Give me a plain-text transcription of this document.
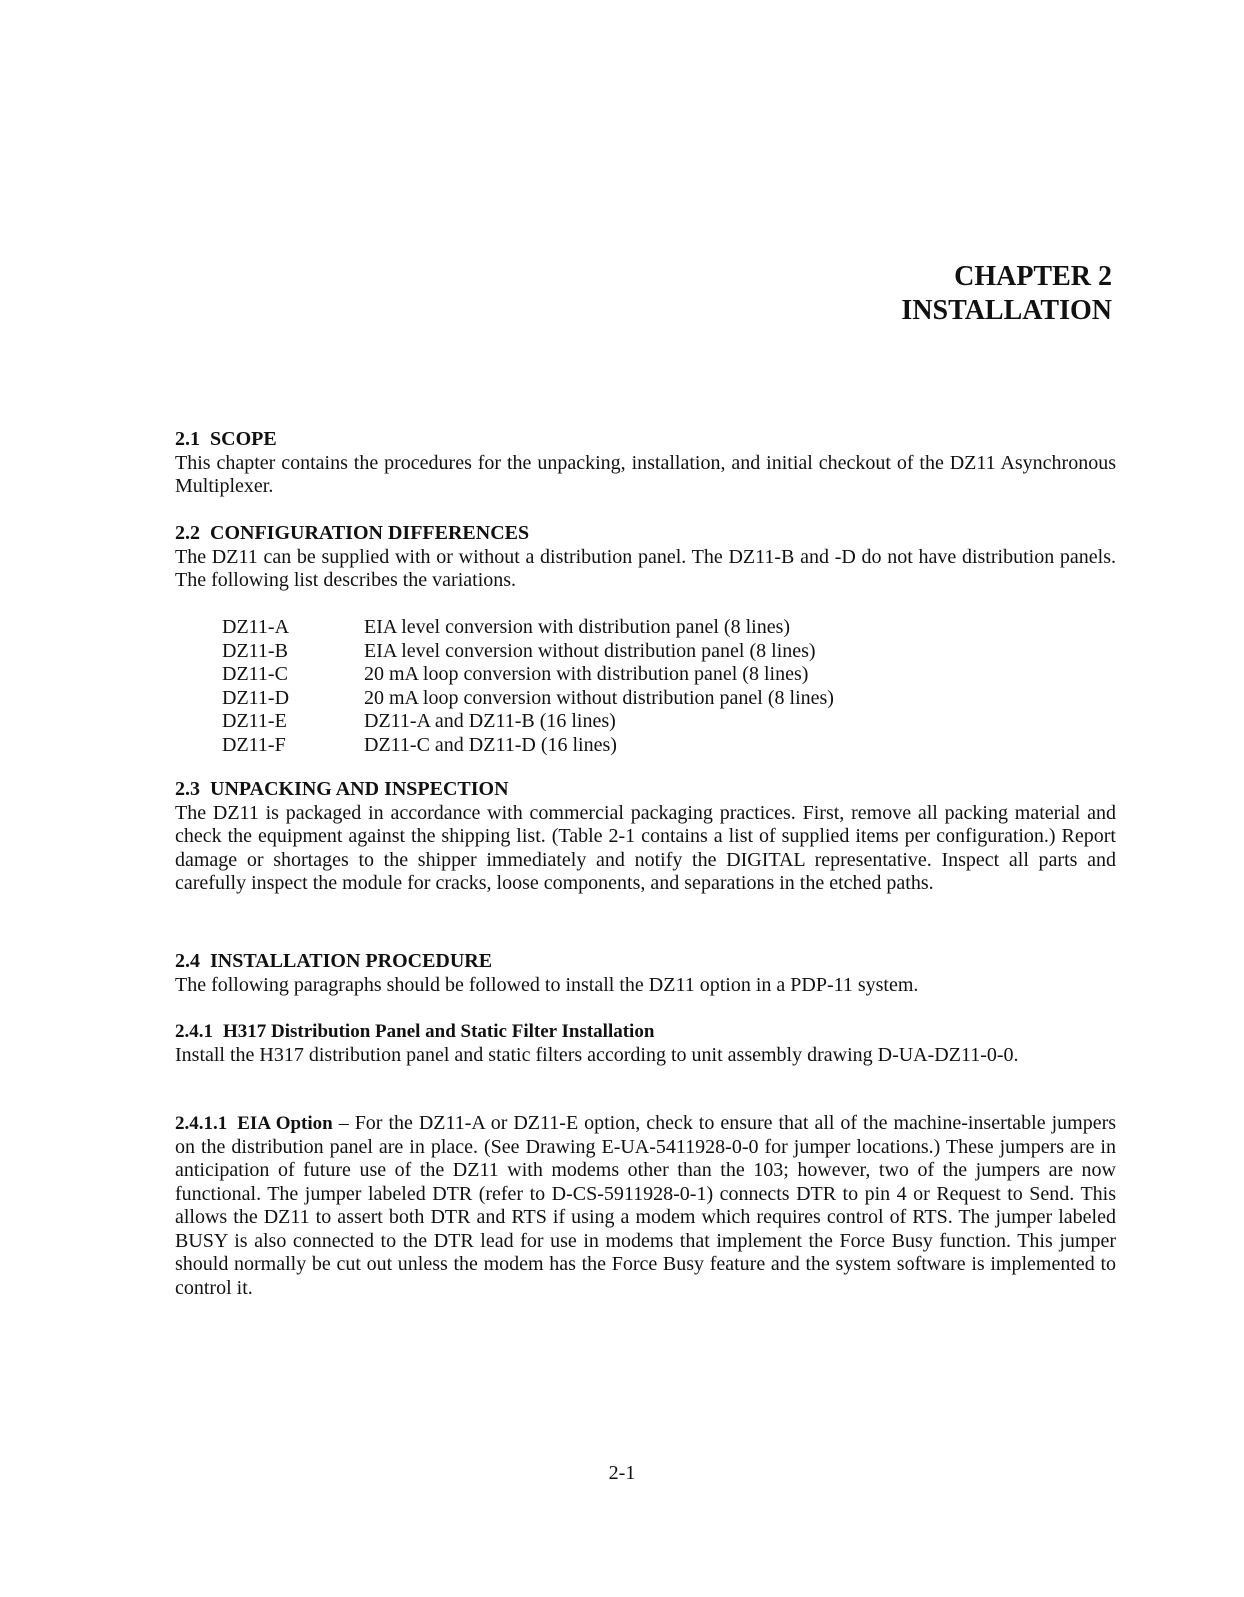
CHAPTER 2
INSTALLATION
2.1 SCOPE

This chapter contains the procedures for the unpacking, installation, and initial checkout of the DZ11 Asynchronous Multiplexer.

2.2 CONFIGURATION DIFFERENCES

The DZ11 can be supplied with or without a distribution panel. The DZ11-B and -D do not have distribution panels. The following list describes the variations.

DZ11-A	EIA level conversion with distribution panel (8 lines)
DZ11-B	EIA level conversion without distribution panel (8 lines)
DZ11-C	20 mA loop conversion with distribution panel (8 lines)
DZ11-D	20 mA loop conversion without distribution panel (8 lines)
DZ11-E	DZ11-A and DZ11-B (16 lines)
DZ11-F	DZ11-C and DZ11-D (16 lines)
2.3 UNPACKING AND INSPECTION

The DZ11 is packaged in accordance with commercial packaging practices. First, remove all packing material and check the equipment against the shipping list. (Table 2-1 contains a list of supplied items per configuration.) Report damage or shortages to the shipper immediately and notify the DIGITAL representative. Inspect all parts and carefully inspect the module for cracks, loose components, and separations in the etched paths.

2.4 INSTALLATION PROCEDURE

The following paragraphs should be followed to install the DZ11 option in a PDP-11 system.

2.4.1 H317 Distribution Panel and Static Filter Installation

Install the H317 distribution panel and static filters according to unit assembly drawing D-UA-DZ11-0-0.

2.4.1.1 EIA Option – For the DZ11-A or DZ11-E option, check to ensure that all of the machine-insertable jumpers on the distribution panel are in place. (See Drawing E-UA-5411928-0-0 for jumper locations.) These jumpers are in anticipation of future use of the DZ11 with modems other than the 103; however, two of the jumpers are now functional. The jumper labeled DTR (refer to D-CS-5911928-0-1) connects DTR to pin 4 or Request to Send. This allows the DZ11 to assert both DTR and RTS if using a modem which requires control of RTS. The jumper labeled BUSY is also connected to the DTR lead for use in modems that implement the Force Busy function. This jumper should normally be cut out unless the modem has the Force Busy feature and the system software is implemented to control it.

2-1
